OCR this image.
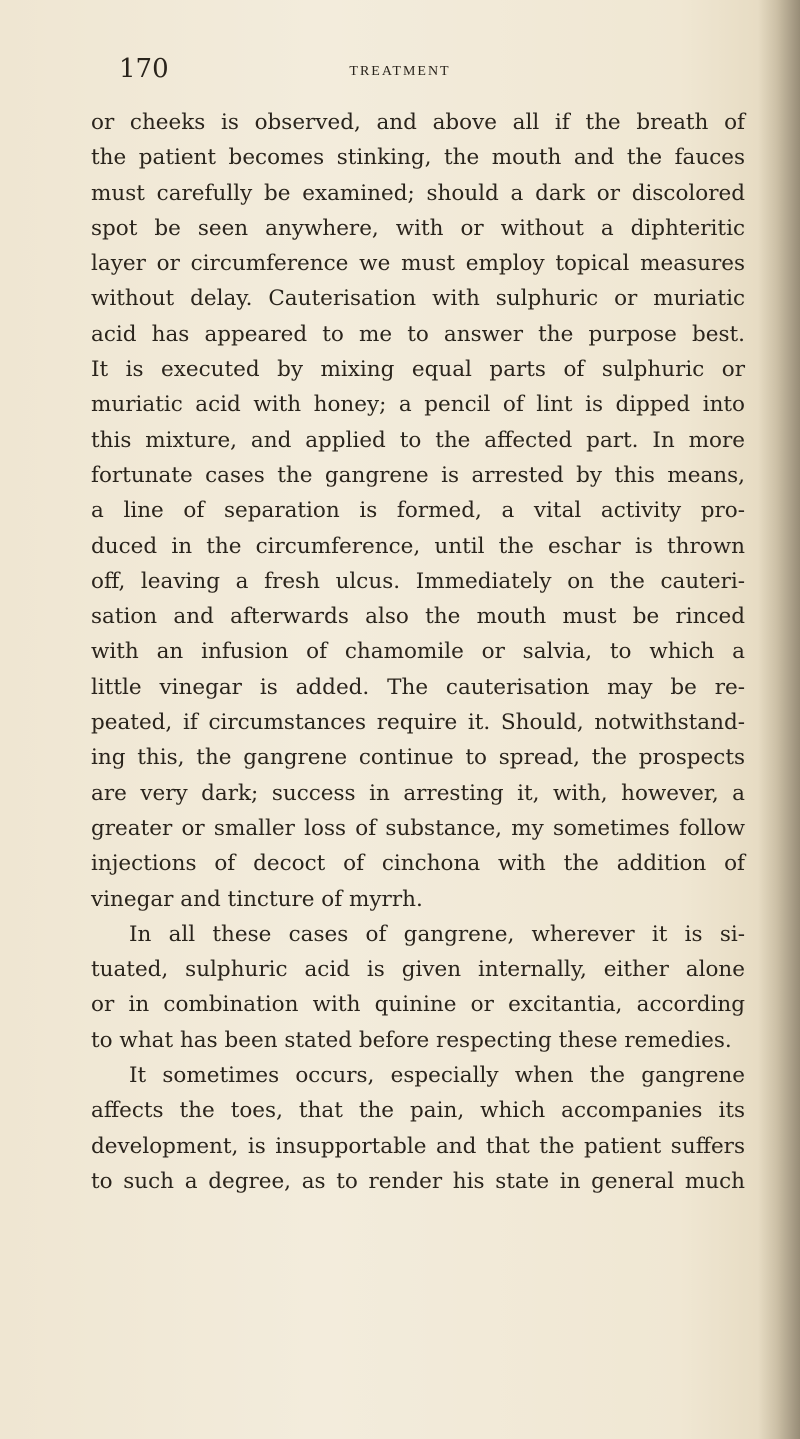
170	TREATMENT
or cheeks is observed, and above all if the breath of
the patient becomes stinking, the mouth and the fauces
must carefully be examined; should a dark or discolored
spot be seen anywhere, with or without a diphteritic
layer or circumference we must employ topical measures
without delay. Cauterisation with sulphuric or muriatic
acid has appeared to me to answer the purpose best.
It is executed by mixing equal parts of sulphuric or
muriatic acid with honey; a pencil of lint is dipped into
this mixture, and applied to the affected part. In more
fortunate cases the gangrene is arrested by this means,
a line of separation is formed, a vital activity pro-
duced in the circumference, until the eschar is thrown
off, leaving a fresh ulcus. Immediately on the cauteri-
sation and afterwards also the mouth must be rinced
with an infusion of chamomile or salvia, to which a
little vinegar is added. The cauterisation may be re-
peated, if circumstances require it. Should, notwithstand-
ing this, the gangrene continue to spread, the prospects
are very dark; success in arresting it, with, however, a
greater or smaller loss of substance, my sometimes follow
injections of decoct of cinchona with the addition of
vinegar and tincture of myrrh.
In all these cases of gangrene, wherever it is si-
tuated, sulphuric acid is given internally, either alone
or in combination with quinine or excitantia, according
to what has been stated before respecting these remedies.
It sometimes occurs, especially when the gangrene
affects the toes, that the pain, which accompanies its
development, is insupportable and that the patient suffers
to such a degree, as to render his state in general much
